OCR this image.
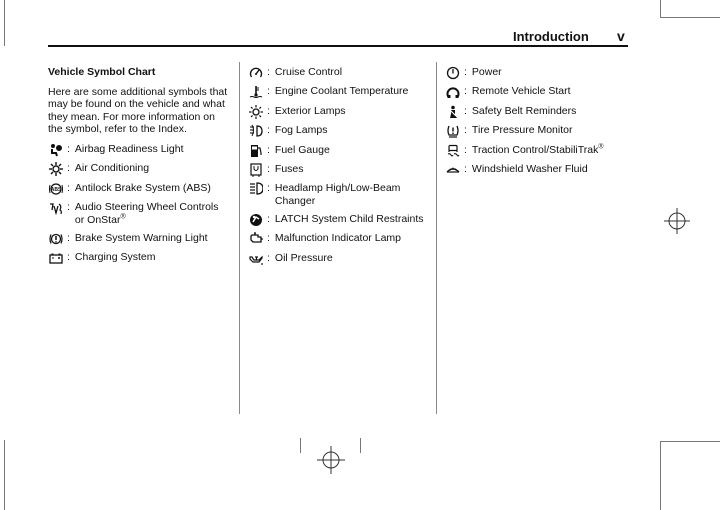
Introduction v
Vehicle Symbol Chart
Here are some additional symbols that may be found on the vehicle and what they mean. For more information on the symbol, refer to the Index.
: Airbag Readiness Light
: Air Conditioning
ABS : Antilock Brake System (ABS)
: Audio Steering Wheel Controls or OnStar®
: Brake System Warning Light
: Charging System
: Cruise Control
: Engine Coolant Temperature
: Exterior Lamps
: Fog Lamps
: Fuel Gauge
: Fuses
: Headlamp High/Low-Beam Changer
: LATCH System Child Restraints
: Malfunction Indicator Lamp
: Oil Pressure
: Power
: Remote Vehicle Start
: Safety Belt Reminders
: Tire Pressure Monitor
: Traction Control/StabiliTrak®
: Windshield Washer Fluid
